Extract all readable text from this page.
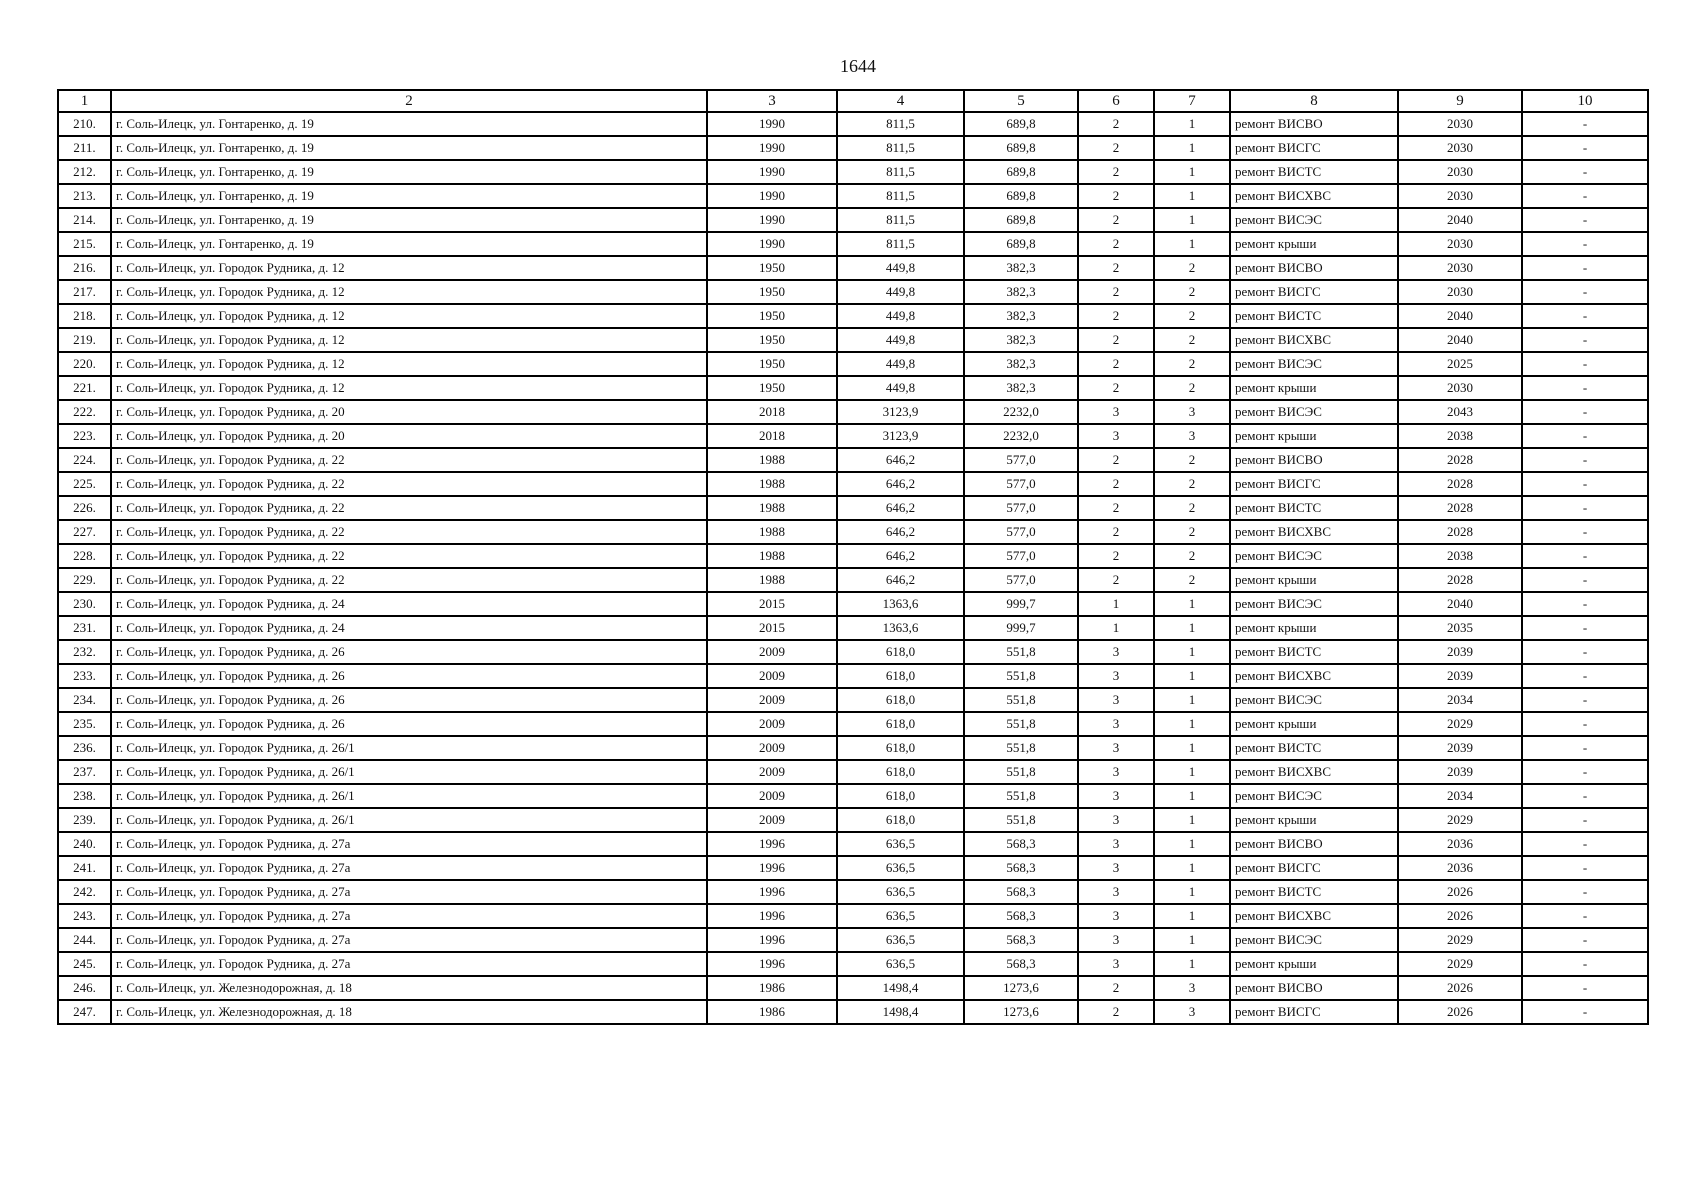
1644
1	2	3	4	5	6	7	8	9	10
210.	г. Соль-Илецк, ул. Гонтаренко, д. 19	1990	811,5	689,8	2	1	ремонт ВИСВО	2030	-
211.	г. Соль-Илецк, ул. Гонтаренко, д. 19	1990	811,5	689,8	2	1	ремонт ВИСГС	2030	-
212.	г. Соль-Илецк, ул. Гонтаренко, д. 19	1990	811,5	689,8	2	1	ремонт ВИСТС	2030	-
213.	г. Соль-Илецк, ул. Гонтаренко, д. 19	1990	811,5	689,8	2	1	ремонт ВИСХВС	2030	-
214.	г. Соль-Илецк, ул. Гонтаренко, д. 19	1990	811,5	689,8	2	1	ремонт ВИСЭС	2040	-
215.	г. Соль-Илецк, ул. Гонтаренко, д. 19	1990	811,5	689,8	2	1	ремонт крыши	2030	-
216.	г. Соль-Илецк, ул. Городок Рудника, д. 12	1950	449,8	382,3	2	2	ремонт ВИСВО	2030	-
217.	г. Соль-Илецк, ул. Городок Рудника, д. 12	1950	449,8	382,3	2	2	ремонт ВИСГС	2030	-
218.	г. Соль-Илецк, ул. Городок Рудника, д. 12	1950	449,8	382,3	2	2	ремонт ВИСТС	2040	-
219.	г. Соль-Илецк, ул. Городок Рудника, д. 12	1950	449,8	382,3	2	2	ремонт ВИСХВС	2040	-
220.	г. Соль-Илецк, ул. Городок Рудника, д. 12	1950	449,8	382,3	2	2	ремонт ВИСЭС	2025	-
221.	г. Соль-Илецк, ул. Городок Рудника, д. 12	1950	449,8	382,3	2	2	ремонт крыши	2030	-
222.	г. Соль-Илецк, ул. Городок Рудника, д. 20	2018	3123,9	2232,0	3	3	ремонт ВИСЭС	2043	-
223.	г. Соль-Илецк, ул. Городок Рудника, д. 20	2018	3123,9	2232,0	3	3	ремонт крыши	2038	-
224.	г. Соль-Илецк, ул. Городок Рудника, д. 22	1988	646,2	577,0	2	2	ремонт ВИСВО	2028	-
225.	г. Соль-Илецк, ул. Городок Рудника, д. 22	1988	646,2	577,0	2	2	ремонт ВИСГС	2028	-
226.	г. Соль-Илецк, ул. Городок Рудника, д. 22	1988	646,2	577,0	2	2	ремонт ВИСТС	2028	-
227.	г. Соль-Илецк, ул. Городок Рудника, д. 22	1988	646,2	577,0	2	2	ремонт ВИСХВС	2028	-
228.	г. Соль-Илецк, ул. Городок Рудника, д. 22	1988	646,2	577,0	2	2	ремонт ВИСЭС	2038	-
229.	г. Соль-Илецк, ул. Городок Рудника, д. 22	1988	646,2	577,0	2	2	ремонт крыши	2028	-
230.	г. Соль-Илецк, ул. Городок Рудника, д. 24	2015	1363,6	999,7	1	1	ремонт ВИСЭС	2040	-
231.	г. Соль-Илецк, ул. Городок Рудника, д. 24	2015	1363,6	999,7	1	1	ремонт крыши	2035	-
232.	г. Соль-Илецк, ул. Городок Рудника, д. 26	2009	618,0	551,8	3	1	ремонт ВИСТС	2039	-
233.	г. Соль-Илецк, ул. Городок Рудника, д. 26	2009	618,0	551,8	3	1	ремонт ВИСХВС	2039	-
234.	г. Соль-Илецк, ул. Городок Рудника, д. 26	2009	618,0	551,8	3	1	ремонт ВИСЭС	2034	-
235.	г. Соль-Илецк, ул. Городок Рудника, д. 26	2009	618,0	551,8	3	1	ремонт крыши	2029	-
236.	г. Соль-Илецк, ул. Городок Рудника, д. 26/1	2009	618,0	551,8	3	1	ремонт ВИСТС	2039	-
237.	г. Соль-Илецк, ул. Городок Рудника, д. 26/1	2009	618,0	551,8	3	1	ремонт ВИСХВС	2039	-
238.	г. Соль-Илецк, ул. Городок Рудника, д. 26/1	2009	618,0	551,8	3	1	ремонт ВИСЭС	2034	-
239.	г. Соль-Илецк, ул. Городок Рудника, д. 26/1	2009	618,0	551,8	3	1	ремонт крыши	2029	-
240.	г. Соль-Илецк, ул. Городок Рудника, д. 27а	1996	636,5	568,3	3	1	ремонт ВИСВО	2036	-
241.	г. Соль-Илецк, ул. Городок Рудника, д. 27а	1996	636,5	568,3	3	1	ремонт ВИСГС	2036	-
242.	г. Соль-Илецк, ул. Городок Рудника, д. 27а	1996	636,5	568,3	3	1	ремонт ВИСТС	2026	-
243.	г. Соль-Илецк, ул. Городок Рудника, д. 27а	1996	636,5	568,3	3	1	ремонт ВИСХВС	2026	-
244.	г. Соль-Илецк, ул. Городок Рудника, д. 27а	1996	636,5	568,3	3	1	ремонт ВИСЭС	2029	-
245.	г. Соль-Илецк, ул. Городок Рудника, д. 27а	1996	636,5	568,3	3	1	ремонт крыши	2029	-
246.	г. Соль-Илецк, ул. Железнодорожная, д. 18	1986	1498,4	1273,6	2	3	ремонт ВИСВО	2026	-
247.	г. Соль-Илецк, ул. Железнодорожная, д. 18	1986	1498,4	1273,6	2	3	ремонт ВИСГС	2026	-
